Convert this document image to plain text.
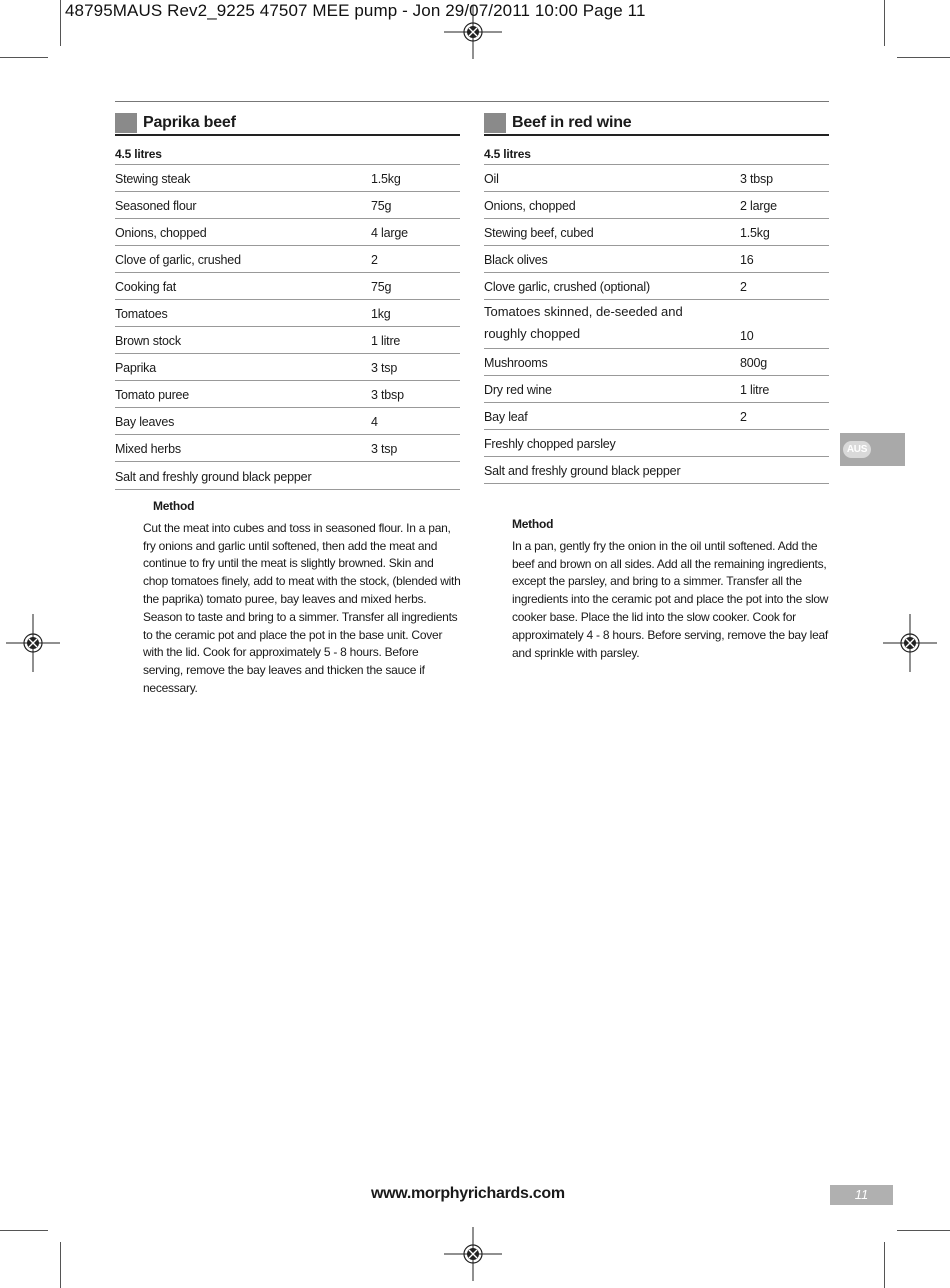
48795MAUS Rev2_9225 47507 MEE pump - Jon 29/07/2011 10:00 Page 11
Paprika beef
4.5 litres
Stewing steak	1.5kg
Seasoned flour	75g
Onions, chopped	4 large
Clove of garlic, crushed	2
Cooking fat	75g
Tomatoes	1kg
Brown stock	1 litre
Paprika	3 tsp
Tomato puree	3 tbsp
Bay leaves	4
Mixed herbs	3 tsp
Salt and freshly ground black pepper
Method
Cut the meat into cubes and toss in seasoned flour. In a pan, fry onions and garlic until softened, then add the meat and continue to fry until the meat is slightly browned. Skin and chop tomatoes finely, add to meat with the stock, (blended with the paprika) tomato puree, bay leaves and mixed herbs. Season to taste and bring to a simmer. Transfer all ingredients to the ceramic pot and place the pot in the base unit. Cover with the lid. Cook for approximately 5 - 8 hours. Before serving, remove the bay leaves and thicken the sauce if necessary.
Beef in red wine
4.5 litres
Oil	3 tbsp
Onions, chopped	2 large
Stewing beef, cubed	1.5kg
Black olives	16
Clove garlic, crushed (optional)	2
Tomatoes skinned, de-seeded and roughly chopped	10
Mushrooms	800g
Dry red wine	1 litre
Bay leaf	2
Freshly chopped parsley
Salt and freshly ground black pepper
Method
In a pan, gently fry the onion in the oil until softened. Add the beef and brown on all sides. Add all the remaining ingredients, except the parsley, and bring to a simmer. Transfer all the ingredients into the ceramic pot and place the pot into the slow cooker base. Place the lid into the slow cooker. Cook for approximately 4 - 8 hours. Before serving, remove the bay leaf and sprinkle with parsley.
AUS
www.morphyrichards.com	11
